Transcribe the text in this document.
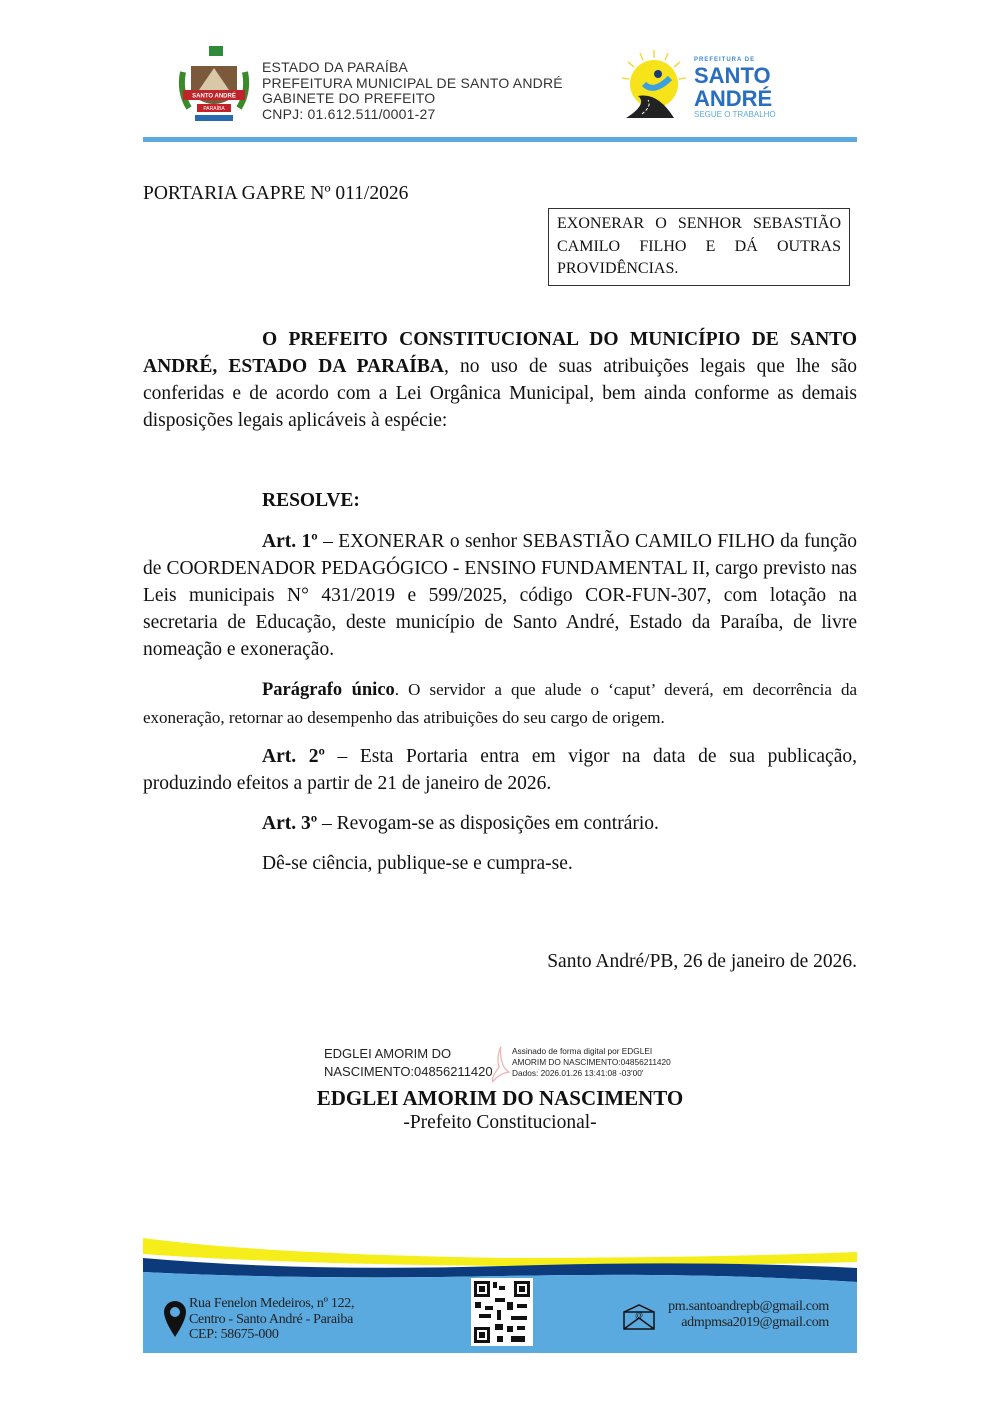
SANTO ANDRÉ
PARAÍBA
ESTADO DA PARAÍBA
PREFEITURA MUNICIPAL DE SANTO ANDRÉ
GABINETE DO PREFEITO
CNPJ: 01.612.511/0001-27
PREFEITURA DE
SANTO
ANDRÉ
SEGUE O TRABALHO
PORTARIA GAPRE Nº 011/2026
EXONERAR O SENHOR SEBASTIÃO CAMILO FILHO E DÁ OUTRAS PROVIDÊNCIAS.
O PREFEITO CONSTITUCIONAL DO MUNICÍPIO DE SANTO ANDRÉ, ESTADO DA PARAÍBA, no uso de suas atribuições legais que lhe são conferidas e de acordo com a Lei Orgânica Municipal, bem ainda conforme as demais disposições legais aplicáveis à espécie:
RESOLVE:
Art. 1º – EXONERAR o senhor SEBASTIÃO CAMILO FILHO da função de COORDENADOR PEDAGÓGICO - ENSINO FUNDAMENTAL II, cargo previsto nas Leis municipais N° 431/2019 e 599/2025, código COR-FUN-307, com lotação na secretaria de Educação, deste município de Santo André, Estado da Paraíba, de livre nomeação e exoneração.
Parágrafo único. O servidor a que alude o ‘caput’ deverá, em decorrência da exoneração, retornar ao desempenho das atribuições do seu cargo de origem.
Art. 2º – Esta Portaria entra em vigor na data de sua publicação, produzindo efeitos a partir de 21 de janeiro de 2026.
Art. 3º – Revogam-se as disposições em contrário.
Dê-se ciência, publique-se e cumpra-se.
Santo André/PB, 26 de janeiro de 2026.
EDGLEI AMORIM DO
NASCIMENTO:04856211420
Assinado de forma digital por EDGLEI
AMORIM DO NASCIMENTO:04856211420
Dados: 2026.01.26 13:41:08 -03'00'
EDGLEI AMORIM DO NASCIMENTO
-Prefeito Constitucional-
Rua Fenelon Medeiros, nº 122,
Centro - Santo André - Paraiba
CEP: 58675-000
@
pm.santoandrepb@gmail.com
admpmsa2019@gmail.com
